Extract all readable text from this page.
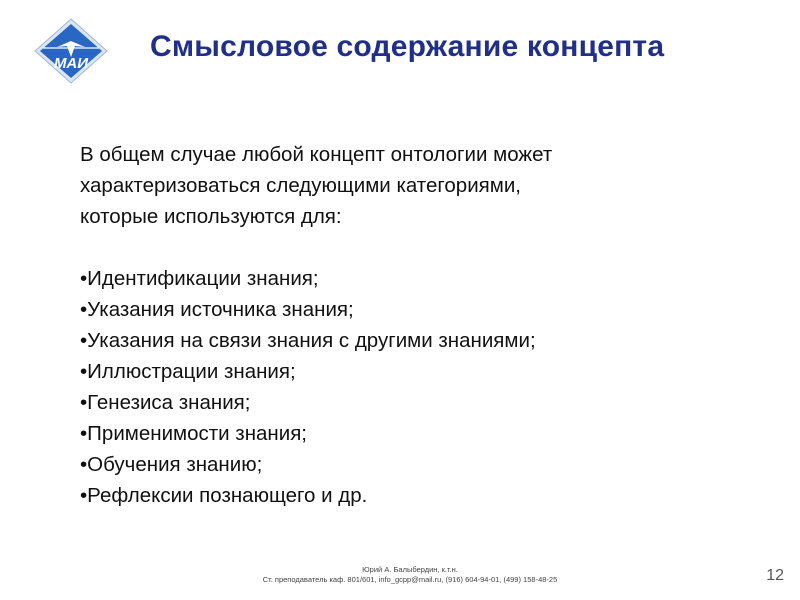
МАИ
Смысловое содержание концепта
В общем случае любой концепт онтологии может
характеризоваться следующими категориями,
которые используются для:
•Идентификации знания;
•Указания источника знания;
•Указания на связи знания с другими знаниями;
•Иллюстрации знания;
•Генезиса знания;
•Применимости знания;
•Обучения знанию;
•Рефлексии познающего и др.
Юрий А. Балыбердин, к.т.н.
Ст. преподаватель каф. 801/601, info_gcpp@mail.ru, (916) 604-94-01, (499) 158-48-25	12
